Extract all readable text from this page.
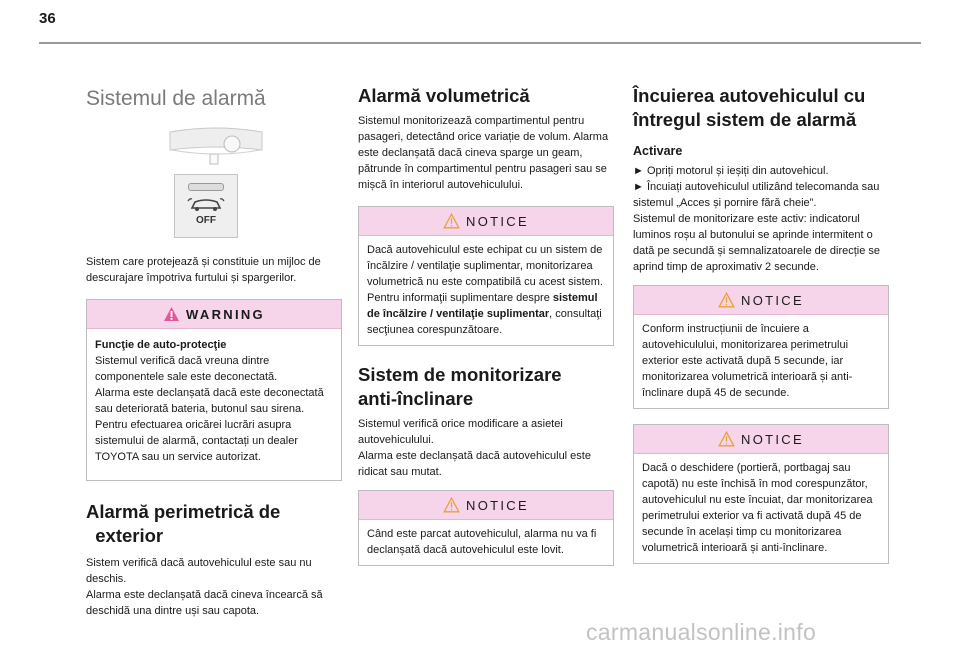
36
Sistemul de alarmă
OFF

Sistem care protejează și constituie un mijloc de descurajare împotriva furtului și spargerilor.

WARNING

Funcţie de auto-protecţie

Sistemul verifică dacă vreuna dintre componentele sale este deconectată.

Alarma este declanșată dacă este deconectată sau deteriorată bateria, butonul sau sirena.

Pentru efectuarea oricărei lucrări asupra sistemului de alarmă, contactați un dealer TOYOTA sau un service autorizat.

Alarmă perimetrică de
exterior

Sistem verifică dacă autovehiculul este sau nu deschis.

Alarma este declanșată dacă cineva încearcă să deschidă una dintre uși sau capota.

Alarmă volumetrică

Sistemul monitorizează compartimentul pentru pasageri, detectând orice variație de volum. Alarma este declanșată dacă cineva sparge un geam, pătrunde în compartimentul pentru pasageri sau se mișcă în interiorul autovehiculului.

NOTICE

Dacă autovehiculul este echipat cu un sistem de încălzire / ventilaţie suplimentar, monitorizarea volumetrică nu este compatibilă cu acest sistem.

Pentru informaţii suplimentare despre sistemul de încălzire / ventilaţie suplimentar, consultaţi secţiunea corespunzătoare.

Sistem de monitorizare
anti-înclinare

Sistemul verifică orice modificare a asietei autovehiculului.

Alarma este declanșată dacă autovehiculul este ridicat sau mutat.

NOTICE

Când este parcat autovehiculul, alarma nu va fi declanșată dacă autovehiculul este lovit.

Încuierea autovehiculul cu
întregul sistem de alarmă
Activare

► Opriți motorul și ieșiți din autovehicul.

► Încuiați autovehiculul utilizând telecomanda sau sistemul „Acces și pornire fără cheie”.

Sistemul de monitorizare este activ: indicatorul luminos roșu al butonului se aprinde intermitent o dată pe secundă și semnalizatoarele de direcție se aprind timp de aproximativ 2 secunde.

NOTICE

Conform instrucțiunii de încuiere a autovehiculului, monitorizarea perimetrului exterior este activată după 5 secunde, iar monitorizarea volumetrică interioară și anti-înclinare după 45 de secunde.

NOTICE

Dacă o deschidere (portieră, portbagaj sau capotă) nu este închisă în mod corespunzător, autovehiculul nu este încuiat, dar monitorizarea perimetrului exterior va fi activată după 45 de secunde în același timp cu monitorizarea volumetrică interioară și anti-înclinare.

carmanualsonline.info
